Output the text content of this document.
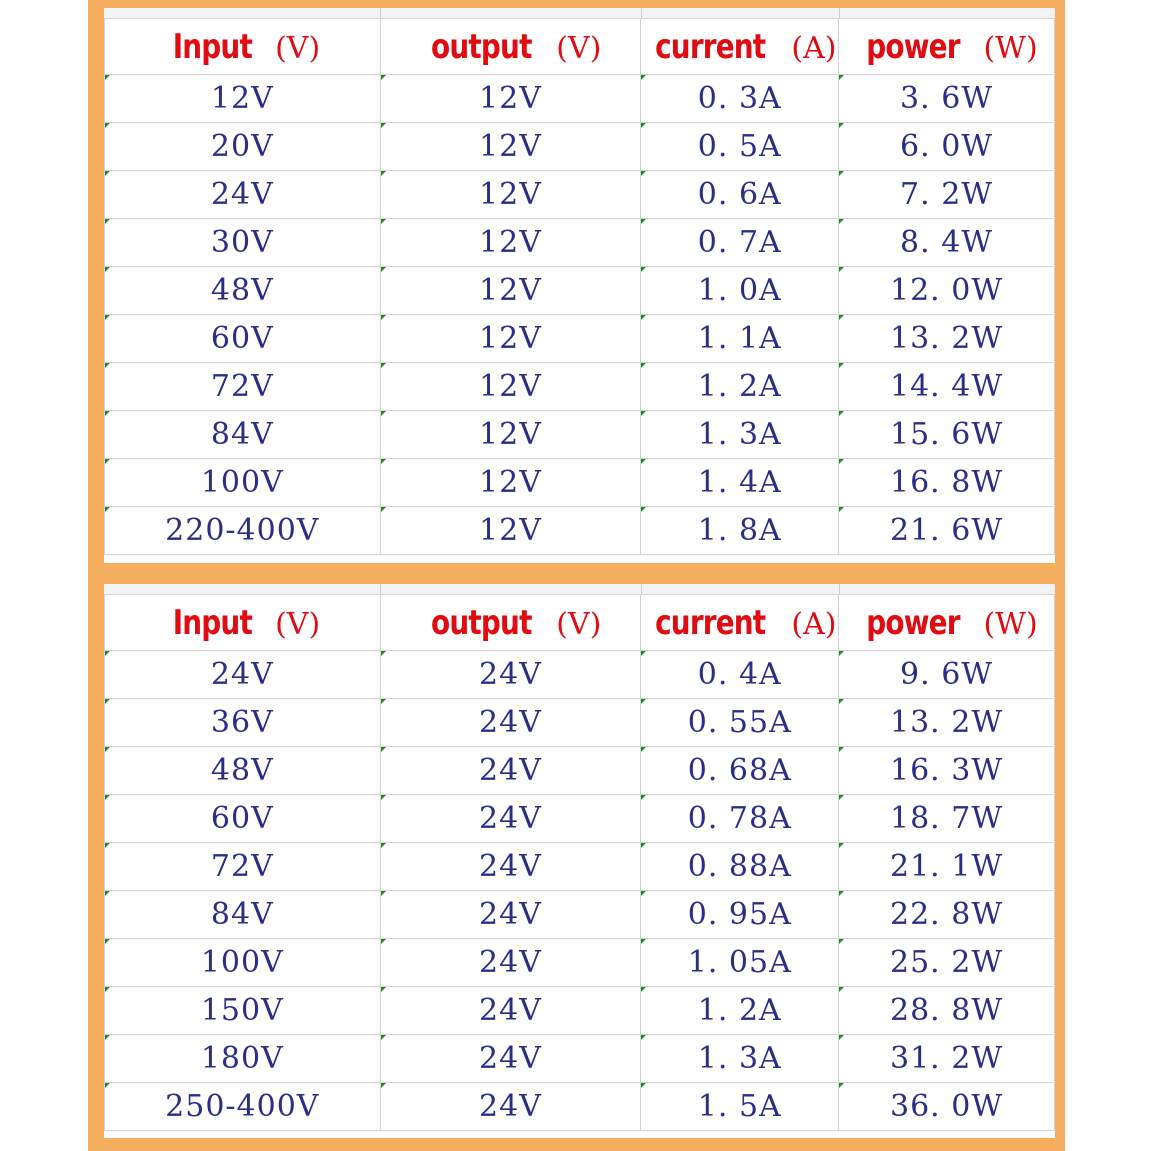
Input (V)	output (V)	current (A)	power (W)
12V	12V	0. 3A	3. 6W
20V	12V	0. 5A	6. 0W
24V	12V	0. 6A	7. 2W
30V	12V	0. 7A	8. 4W
48V	12V	1. 0A	12. 0W
60V	12V	1. 1A	13. 2W
72V	12V	1. 2A	14. 4W
84V	12V	1. 3A	15. 6W
100V	12V	1. 4A	16. 8W
220-400V	12V	1. 8A	21. 6W
Input (V)	output (V)	current (A)	power (W)
24V	24V	0. 4A	9. 6W
36V	24V	0. 55A	13. 2W
48V	24V	0. 68A	16. 3W
60V	24V	0. 78A	18. 7W
72V	24V	0. 88A	21. 1W
84V	24V	0. 95A	22. 8W
100V	24V	1. 05A	25. 2W
150V	24V	1. 2A	28. 8W
180V	24V	1. 3A	31. 2W
250-400V	24V	1. 5A	36. 0W
